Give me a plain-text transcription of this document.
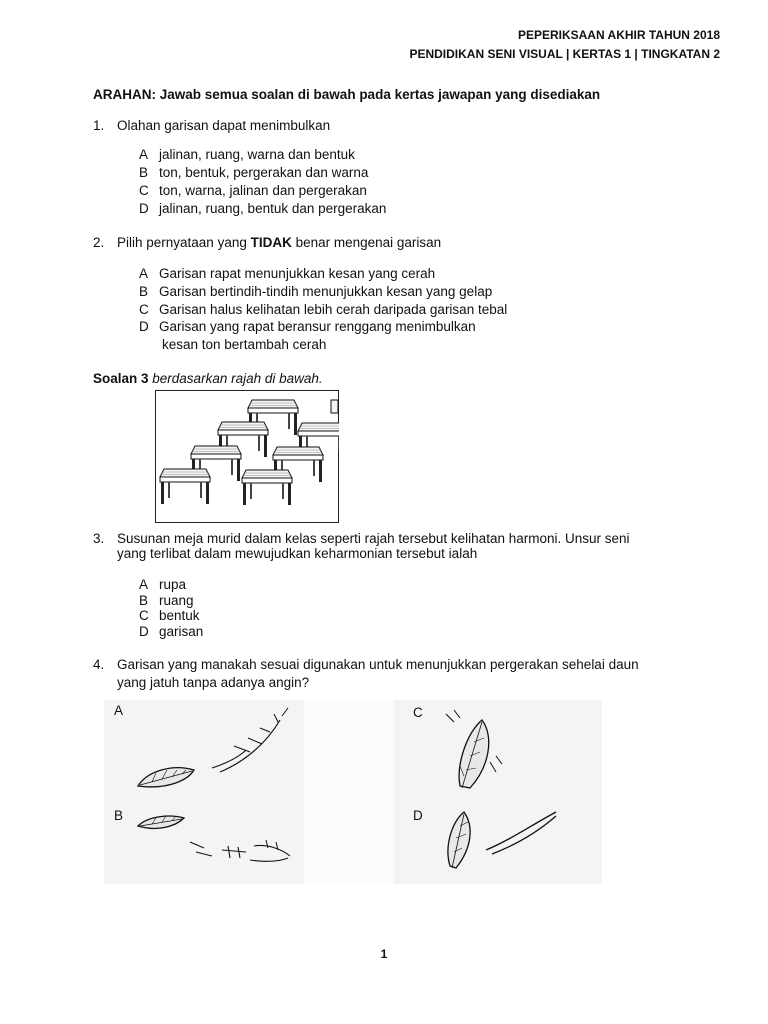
PEPERIKSAAN AKHIR TAHUN 2018
PENDIDIKAN SENI VISUAL | KERTAS 1 | TINGKATAN 2
ARAHAN: Jawab semua soalan di bawah pada kertas jawapan yang disediakan
1. Olahan garisan dapat menimbulkan
A jalinan, ruang, warna dan bentuk
B ton, bentuk, pergerakan dan warna
C ton, warna, jalinan dan pergerakan
D jalinan, ruang, bentuk dan pergerakan
2. Pilih pernyataan yang TIDAK benar mengenai garisan
A Garisan rapat menunjukkan kesan yang cerah
B Garisan bertindih-tindih menunjukkan kesan yang gelap
C Garisan halus kelihatan lebih cerah daripada garisan tebal
D Garisan yang rapat beransur renggang menimbulkan
kesan ton bertambah cerah
Soalan 3 berdasarkan rajah di bawah.
3. Susunan meja murid dalam kelas seperti rajah tersebut kelihatan harmoni. Unsur seni
yang terlibat dalam mewujudkan keharmonian tersebut ialah
A rupa
B ruang
C bentuk
D garisan
4. Garisan yang manakah sesuai digunakan untuk menunjukkan pergerakan sehelai daun
yang jatuh tanpa adanya angin?
A	C
B	D
1
